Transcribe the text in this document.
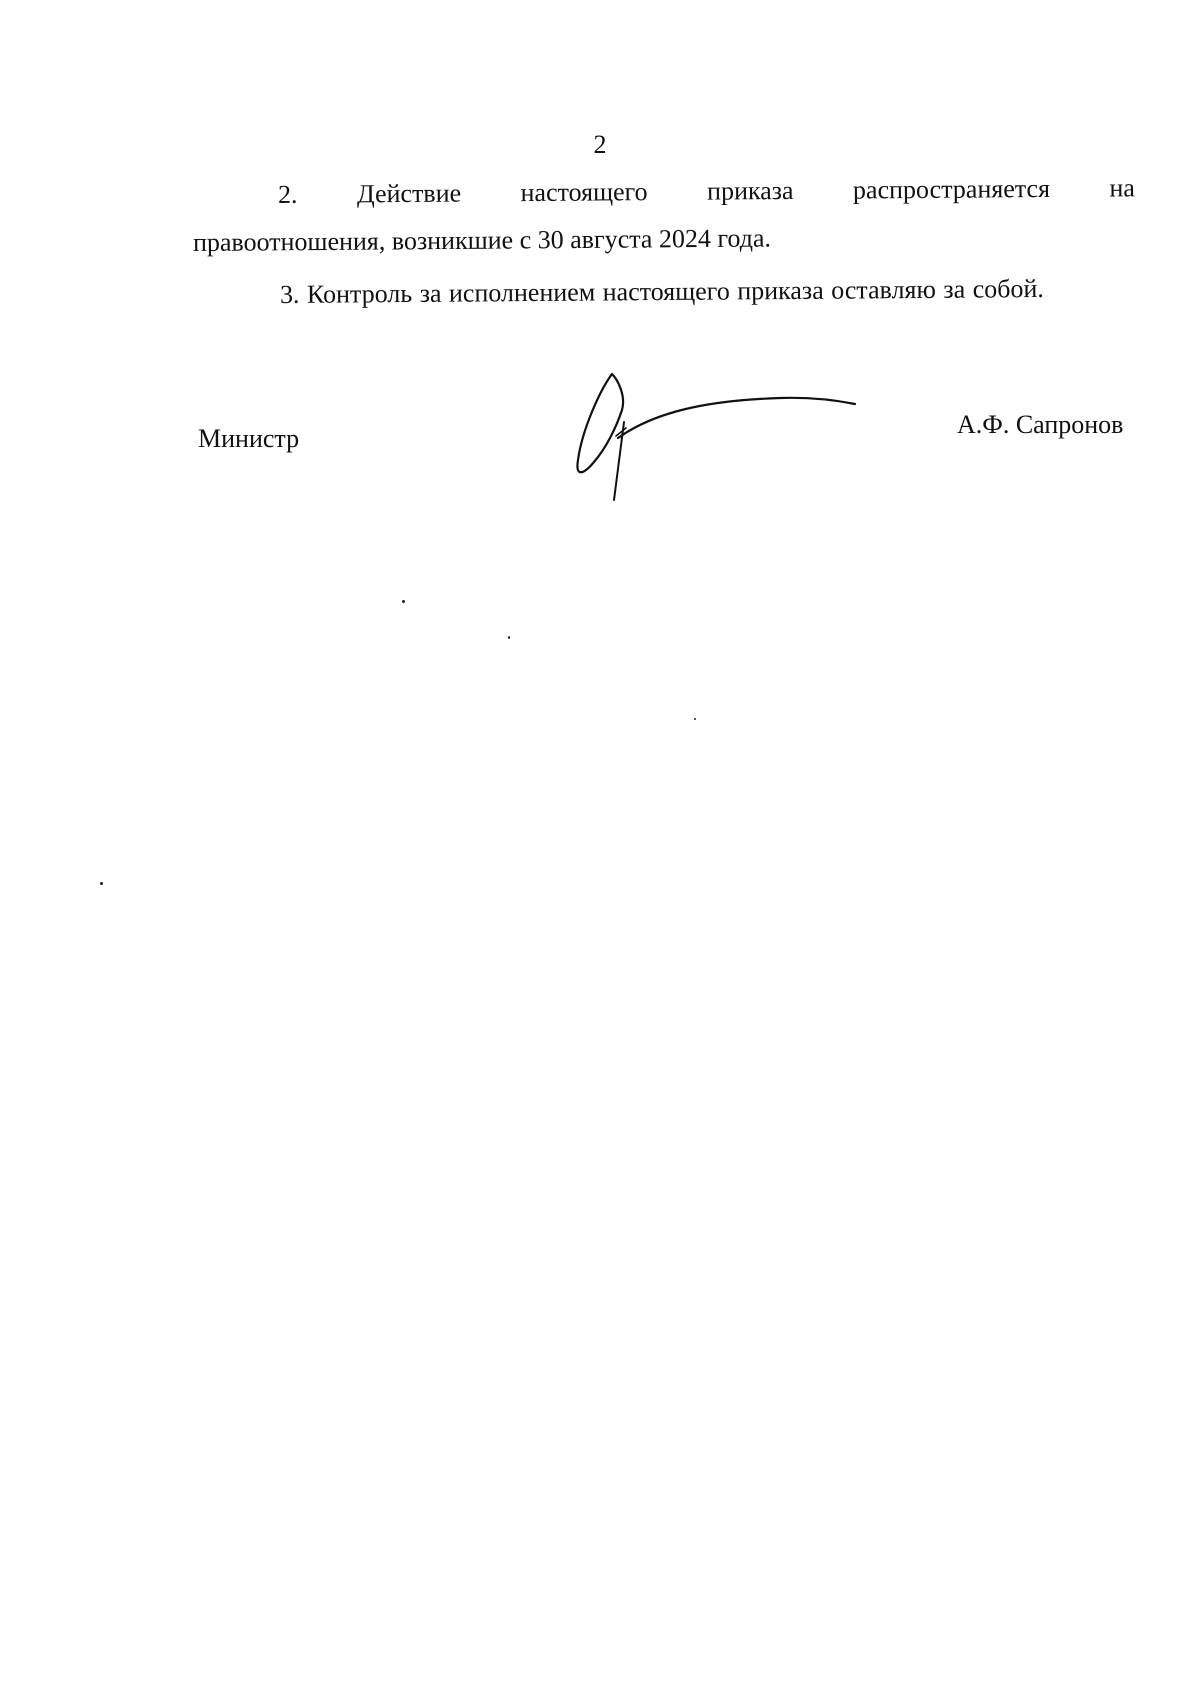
2
2. Действие настоящего приказа распространяется на
правоотношения, возникшие с 30 августа 2024 года.
3. Контроль за исполнением настоящего приказа оставляю за собой.
Министр	А.Ф. Сапронов
